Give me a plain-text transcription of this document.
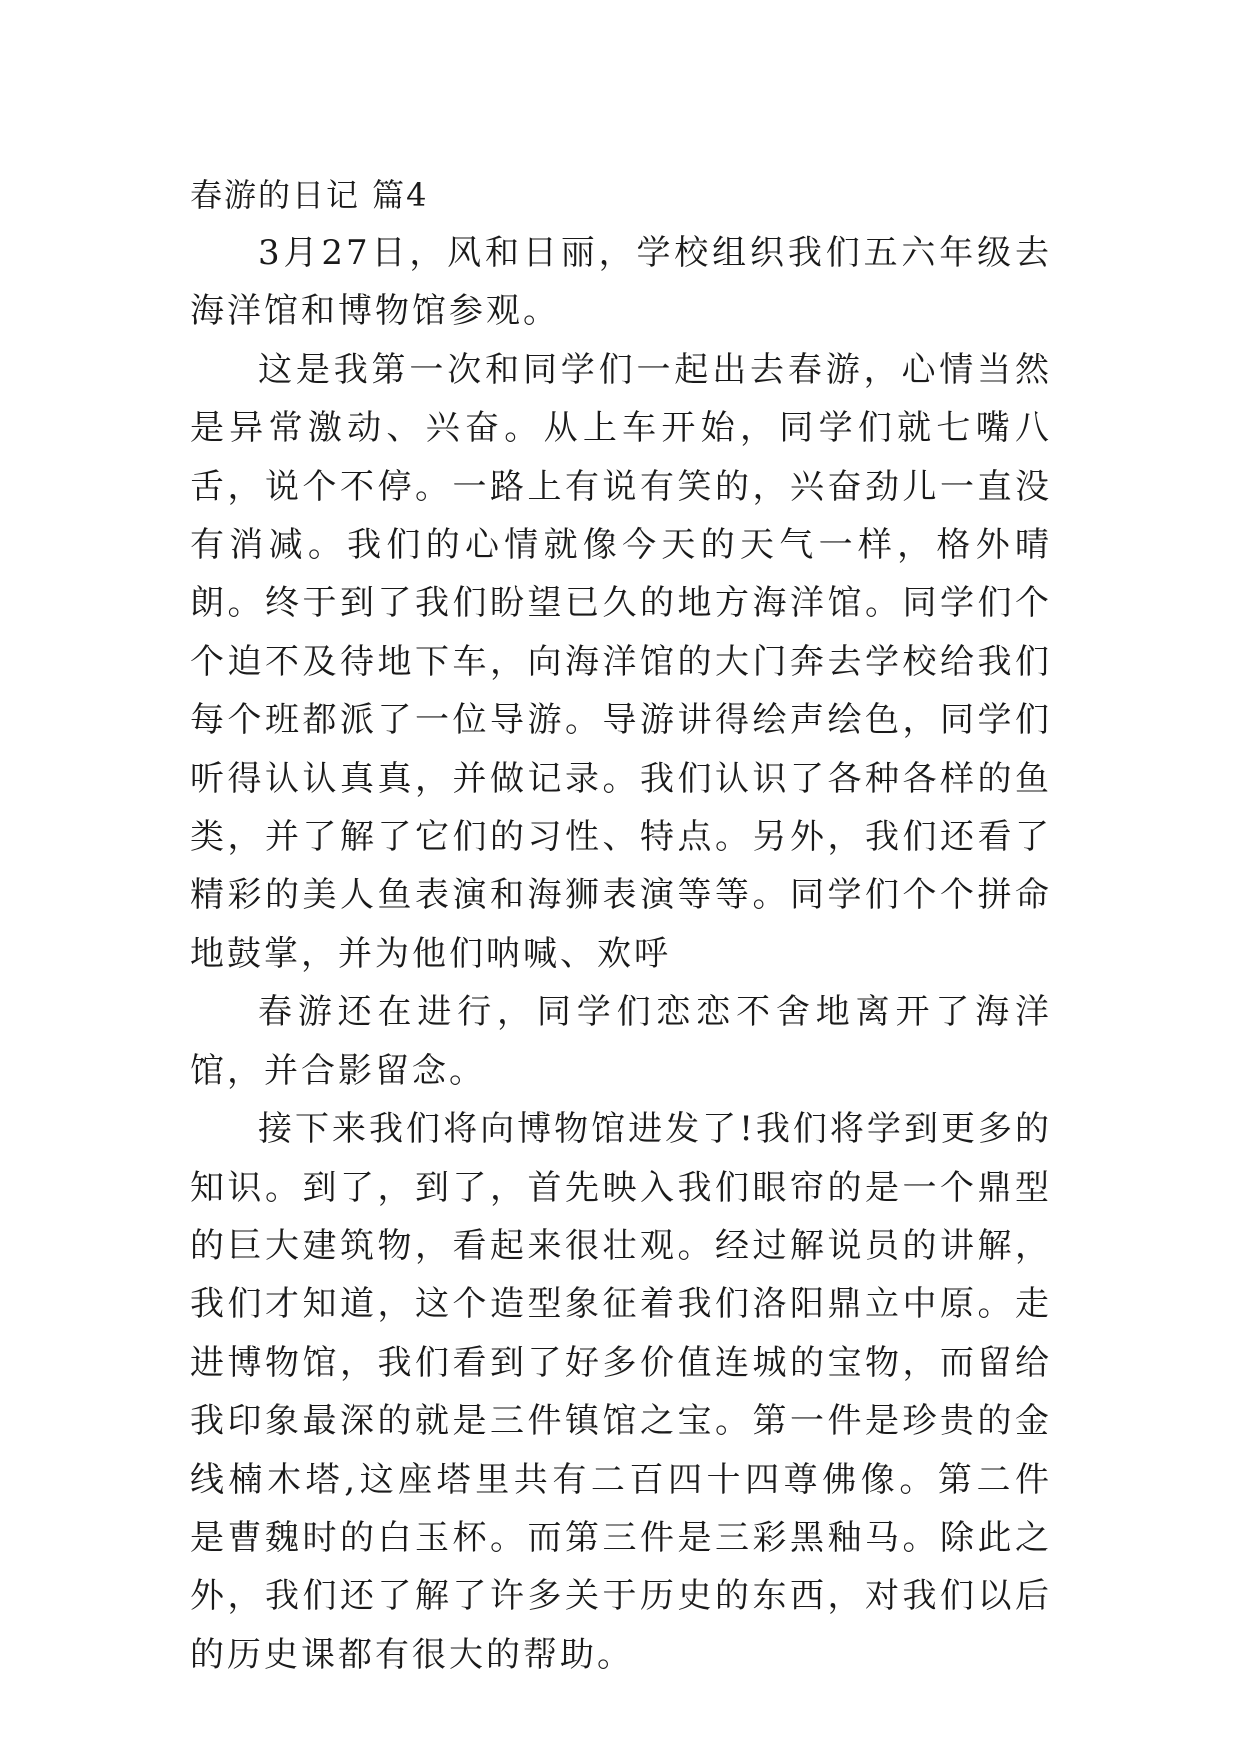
春游的日记 篇4

3月27日，风和日丽，学校组织我们五六年级去海洋馆和博物馆参观。

这是我第一次和同学们一起出去春游，心情当然是异常激动、兴奋。从上车开始，同学们就七嘴八舌，说个不停。一路上有说有笑的，兴奋劲儿一直没有消减。我们的心情就像今天的天气一样，格外晴朗。终于到了我们盼望已久的地方海洋馆。同学们个个迫不及待地下车，向海洋馆的大门奔去学校给我们每个班都派了一位导游。导游讲得绘声绘色，同学们听得认认真真，并做记录。我们认识了各种各样的鱼类，并了解了它们的习性、特点。另外，我们还看了精彩的美人鱼表演和海狮表演等等。同学们个个拼命地鼓掌，并为他们呐喊、欢呼

春游还在进行，同学们恋恋不舍地离开了海洋馆，并合影留念。

接下来我们将向博物馆进发了!我们将学到更多的知识。到了，到了，首先映入我们眼帘的是一个鼎型的巨大建筑物，看起来很壮观。经过解说员的讲解，我们才知道，这个造型象征着我们洛阳鼎立中原。走进博物馆，我们看到了好多价值连城的宝物，而留给我印象最深的就是三件镇馆之宝。第一件是珍贵的金线楠木塔,这座塔里共有二百四十四尊佛像。第二件是曹魏时的白玉杯。而第三件是三彩黑釉马。除此之外，我们还了解了许多关于历史的东西，对我们以后的历史课都有很大的帮助。
